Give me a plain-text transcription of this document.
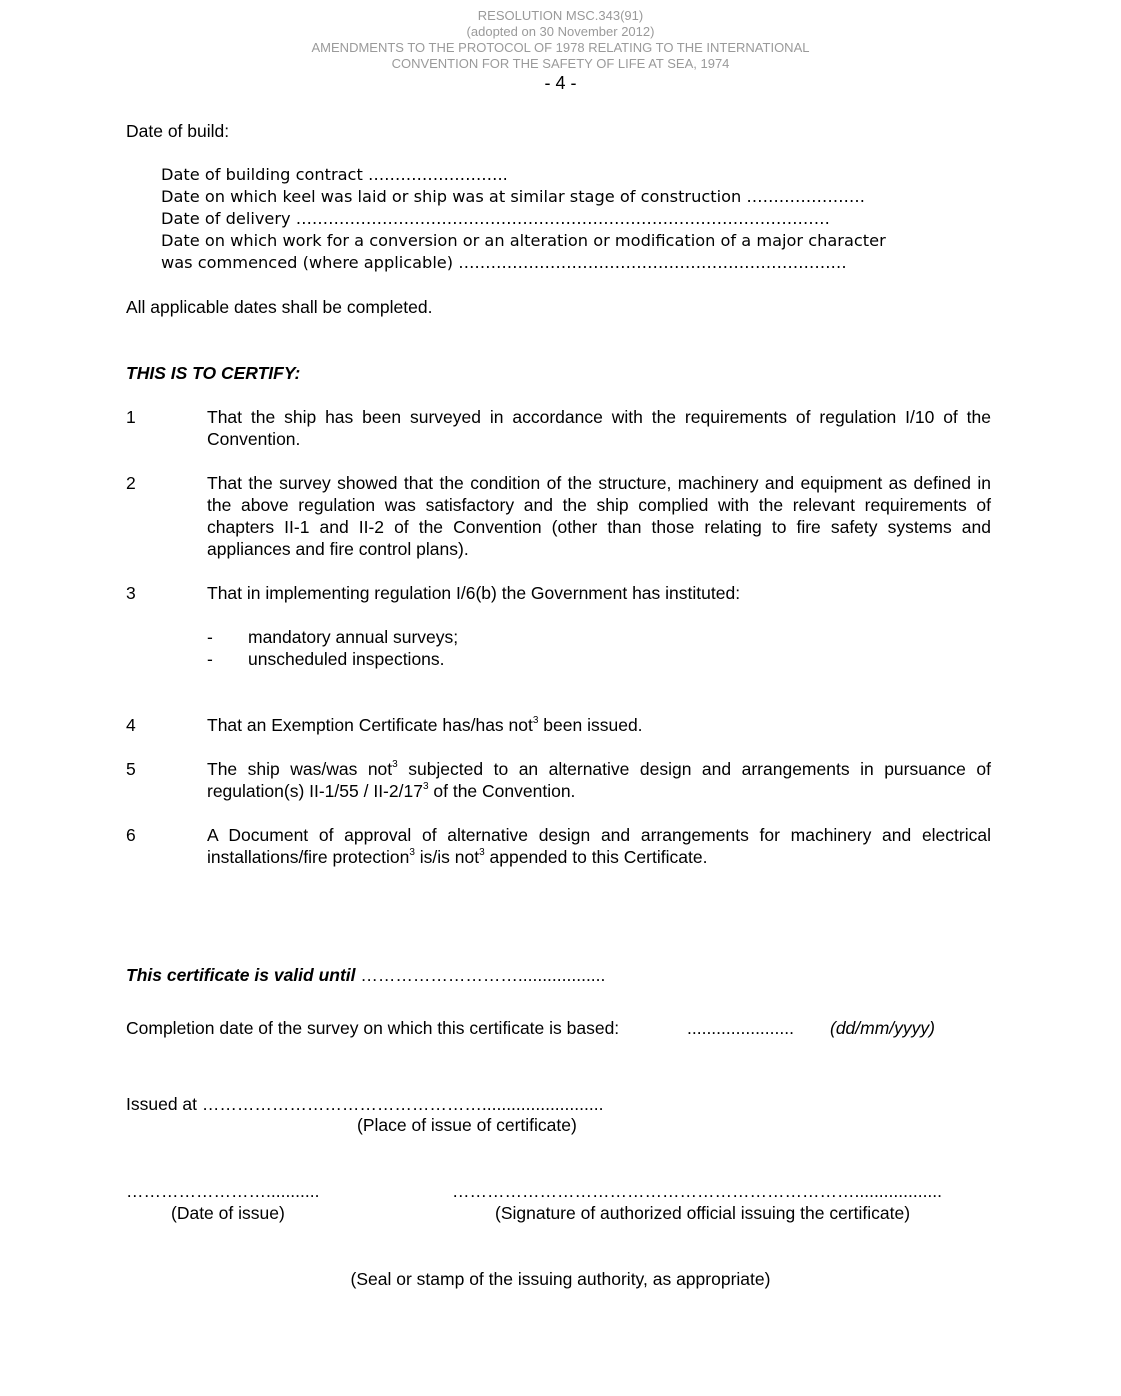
RESOLUTION MSC.343(91)
(adopted on 30 November 2012)
AMENDMENTS TO THE PROTOCOL OF 1978 RELATING TO THE INTERNATIONAL
CONVENTION FOR THE SAFETY OF LIFE AT SEA, 1974
- 4 -
Date of build:
Date of building contract ……………………..
Date on which keel was laid or ship was at similar stage of construction ………………….
Date of delivery ………………………………………………………………………………………
Date on which work for a conversion or an alteration or modification of a major character
was commenced (where applicable) ………………………………………………………………
All applicable dates shall be completed.
THIS IS TO CERTIFY:
1	That the ship has been surveyed in accordance with the requirements of regulation I/10 of the Convention.
2	That the survey showed that the condition of the structure, machinery and equipment as defined in the above regulation was satisfactory and the ship complied with the relevant requirements of chapters II-1 and II-2 of the Convention (other than those relating to fire safety systems and appliances and fire control plans).
3	That in implementing regulation I/6(b) the Government has instituted:
- mandatory annual surveys;
- unscheduled inspections.
4	That an Exemption Certificate has/has not$^3$ been issued.
5	The ship was/was not$^3$ subjected to an alternative design and arrangements in pursuance of regulation(s) $II-1/55 / II-2/17^3$ of the Convention.
6	A Document of approval of alternative design and arrangements for machinery and electrical installations/fire protection$^3$ is/is not$^3$ appended to this Certificate.
This certificate is valid until ………………………..................
Completion date of the survey on which this certificate is based:	...................... (dd/mm/yyyy)
Issued at ………………………………………….........................
(Place of issue of certificate)
……………………...........	……………………………………………………………..................
(Date of issue)	(Signature of authorized official issuing the certificate)
(Seal or stamp of the issuing authority, as appropriate)
